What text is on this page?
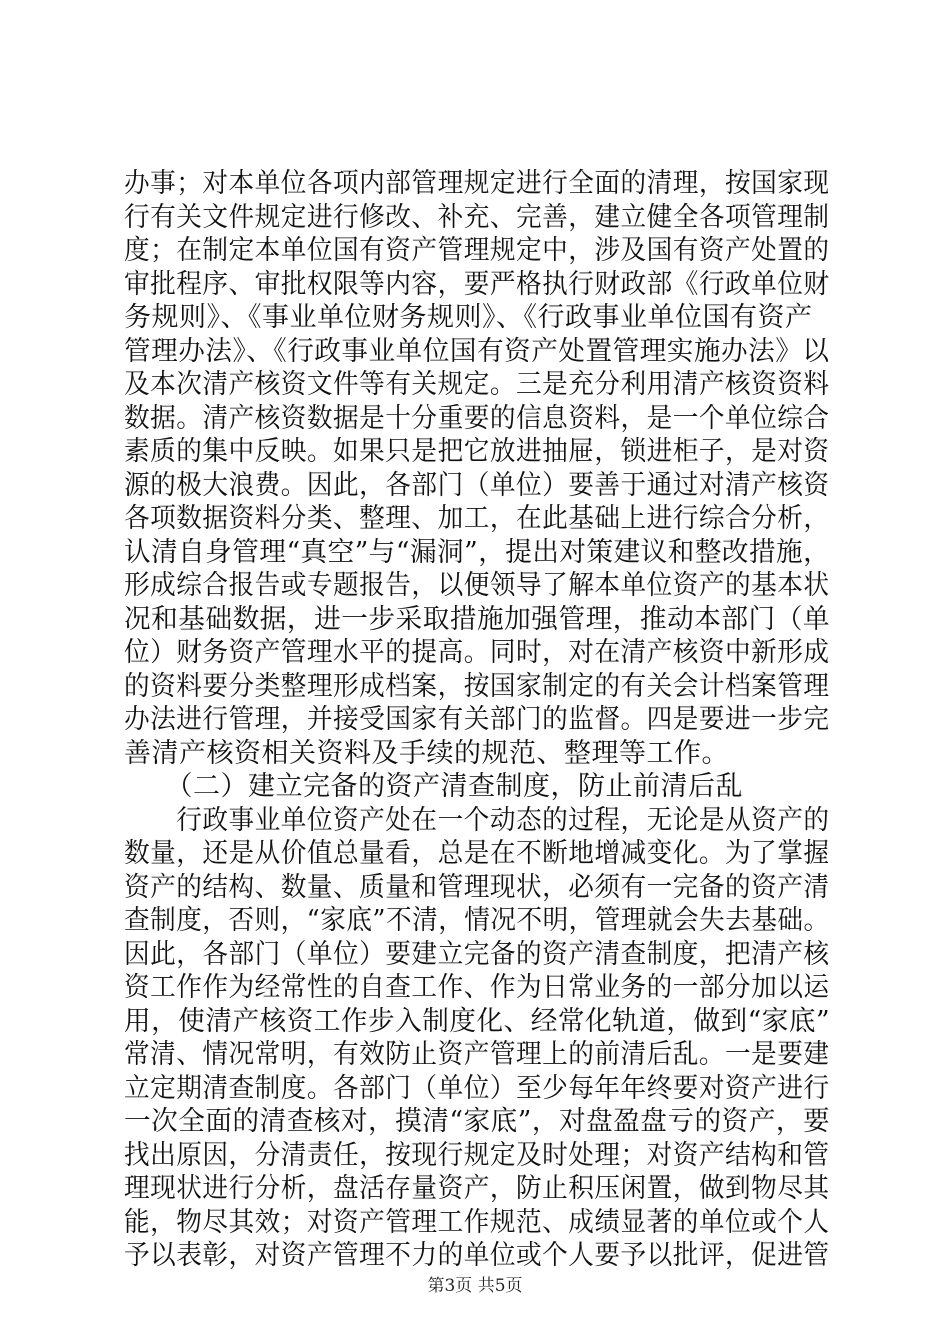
办事；对本单位各项内部管理规定进行全面的清理，按国家现
行有关文件规定进行修改、补充、完善，建立健全各项管理制
度；在制定本单位国有资产管理规定中，涉及国有资产处置的
审批程序、审批权限等内容，要严格执行财政部《行政单位财
务规则》、《事业单位财务规则》、《行政事业单位国有资产
管理办法》、《行政事业单位国有资产处置管理实施办法》以
及本次清产核资文件等有关规定。三是充分利用清产核资资料
数据。清产核资数据是十分重要的信息资料，是一个单位综合
素质的集中反映。如果只是把它放进抽屉，锁进柜子，是对资
源的极大浪费。因此，各部门（单位）要善于通过对清产核资
各项数据资料分类、整理、加工，在此基础上进行综合分析，
认清自身管理“真空”与“漏洞”，提出对策建议和整改措施，
形成综合报告或专题报告，以便领导了解本单位资产的基本状
况和基础数据，进一步采取措施加强管理，推动本部门（单
位）财务资产管理水平的提高。同时，对在清产核资中新形成
的资料要分类整理形成档案，按国家制定的有关会计档案管理
办法进行管理，并接受国家有关部门的监督。四是要进一步完
善清产核资相关资料及手续的规范、整理等工作。
　　（二）建立完备的资产清查制度，防止前清后乱
　　行政事业单位资产处在一个动态的过程，无论是从资产的
数量，还是从价值总量看，总是在不断地增减变化。为了掌握
资产的结构、数量、质量和管理现状，必须有一完备的资产清
查制度，否则，“家底”不清，情况不明，管理就会失去基础。
因此，各部门（单位）要建立完备的资产清查制度，把清产核
资工作作为经常性的自查工作、作为日常业务的一部分加以运
用，使清产核资工作步入制度化、经常化轨道，做到“家底”
常清、情况常明，有效防止资产管理上的前清后乱。一是要建
立定期清查制度。各部门（单位）至少每年年终要对资产进行
一次全面的清查核对，摸清“家底”，对盘盈盘亏的资产，要
找出原因，分清责任，按现行规定及时处理；对资产结构和管
理现状进行分析，盘活存量资产，防止积压闲置，做到物尽其
能，物尽其效；对资产管理工作规范、成绩显著的单位或个人
予以表彰，对资产管理不力的单位或个人要予以批评，促进管
第3页 共5页
